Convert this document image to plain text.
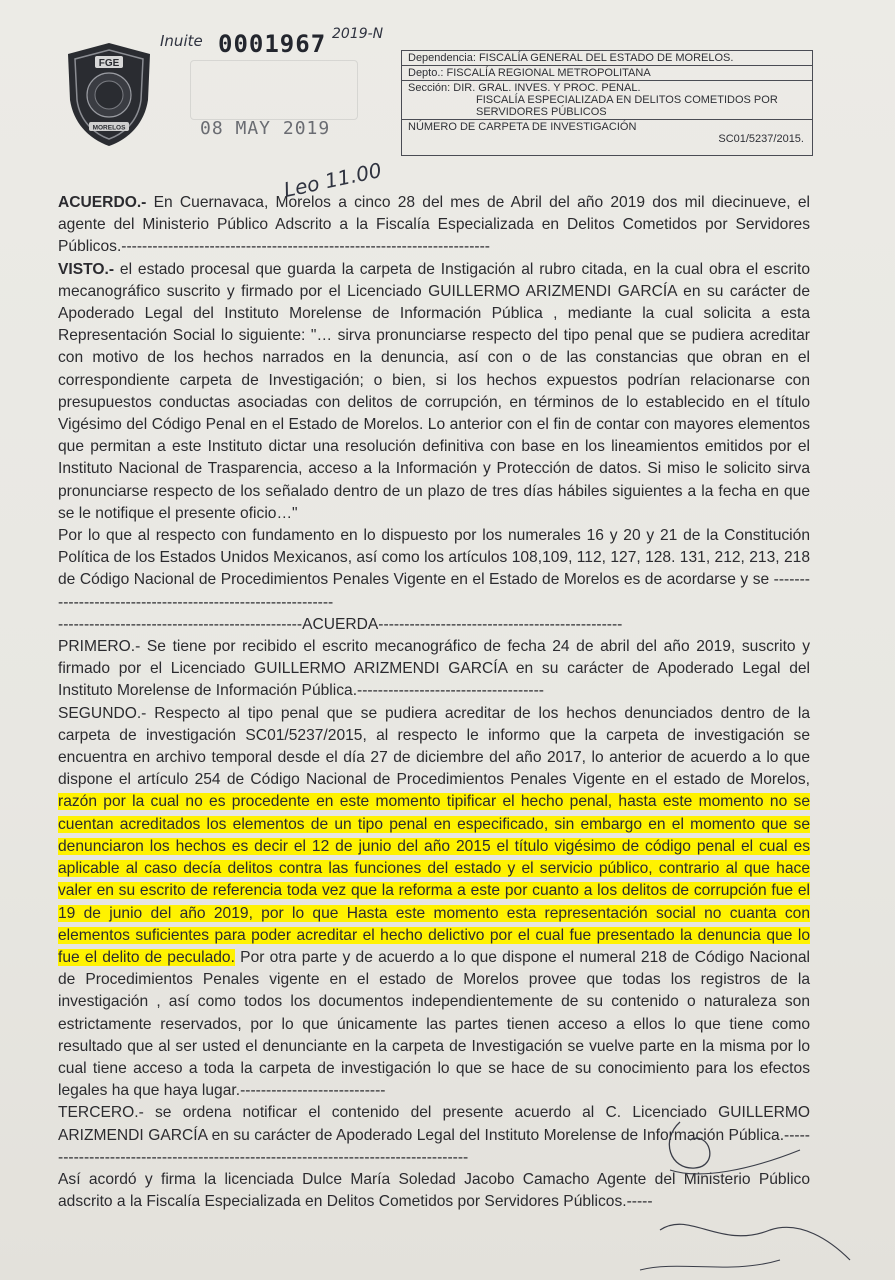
FGE
MORELOS
Inuite 0001967 2019-N
08 MAY 2019
Leo 11.00
Dependencia: FISCALÍA GENERAL DEL ESTADO DE MORELOS.
Depto.: FISCALÍA REGIONAL METROPOLITANA
Sección: DIR. GRAL. INVES. Y PROC. PENAL.
FISCALÍA ESPECIALIZADA EN DELITOS COMETIDOS POR
SERVIDORES PÚBLICOS
NÚMERO DE CARPETA DE INVESTIGACIÓN
SC01/5237/2015.

ACUERDO.- En Cuernavaca, Morelos a cinco 28 del mes de Abril del año 2019 dos mil diecinueve, el agente del Ministerio Público Adscrito a la Fiscalía Especializada en Delitos Cometidos por Servidores Públicos.-----------------------------------------------------------------------

VISTO.- el estado procesal que guarda la carpeta de Instigación al rubro citada, en la cual obra el escrito mecanográfico suscrito y firmado por el Licenciado GUILLERMO ARIZMENDI GARCÍA en su carácter de Apoderado Legal del Instituto Morelense de Información Pública , mediante la cual solicita a esta Representación Social lo siguiente: "… sirva pronunciarse respecto del tipo penal que se pudiera acreditar con motivo de los hechos narrados en la denuncia, así con o de las constancias que obran en el correspondiente carpeta de Investigación; o bien, si los hechos expuestos podrían relacionarse con presupuestos conductas asociadas con delitos de corrupción, en términos de lo establecido en el título Vigésimo del Código Penal en el Estado de Morelos. Lo anterior con el fin de contar con mayores elementos que permitan a este Instituto dictar una resolución definitiva con base en los lineamientos emitidos por el Instituto Nacional de Trasparencia, acceso a la Información y Protección de datos. Si miso le solicito sirva pronunciarse respecto de los señalado dentro de un plazo de tres días hábiles siguientes a la fecha en que se le notifique el presente oficio…"

Por lo que al respecto con fundamento en lo dispuesto por los numerales 16 y 20 y 21 de la Constitución Política de los Estados Unidos Mexicanos, así como los artículos 108,109, 112, 127, 128. 131, 212, 213, 218 de Código Nacional de Procedimientos Penales Vigente en el Estado de Morelos es de acordarse y se ------------------------------------------------------------

-----------------------------------------------ACUERDA-----------------------------------------------

PRIMERO.- Se tiene por recibido el escrito mecanográfico de fecha 24 de abril del año 2019, suscrito y firmado por el Licenciado GUILLERMO ARIZMENDI GARCÍA en su carácter de Apoderado Legal del Instituto Morelense de Información Pública.------------------------------------

SEGUNDO.- Respecto al tipo penal que se pudiera acreditar de los hechos denunciados dentro de la carpeta de investigación SC01/5237/2015, al respecto le informo que la carpeta de investigación se encuentra en archivo temporal desde el día 27 de diciembre del año 2017, lo anterior de acuerdo a lo que dispone el artículo 254 de Código Nacional de Procedimientos Penales Vigente en el estado de Morelos, razón por la cual no es procedente en este momento tipificar el hecho penal, hasta este momento no se cuentan acreditados los elementos de un tipo penal en especificado, sin embargo en el momento que se denunciaron los hechos es decir el 12 de junio del año 2015 el título vigésimo de código penal el cual es aplicable al caso decía delitos contra las funciones del estado y el servicio público, contrario al que hace valer en su escrito de referencia toda vez que la reforma a este por cuanto a los delitos de corrupción fue el 19 de junio del año 2019, por lo que Hasta este momento esta representación social no cuanta con elementos suficientes para poder acreditar el hecho delictivo por el cual fue presentado la denuncia que lo fue el delito de peculado. Por otra parte y de acuerdo a lo que dispone el numeral 218 de Código Nacional de Procedimientos Penales vigente en el estado de Morelos provee que todas los registros de la investigación , así como todos los documentos independientemente de su contenido o naturaleza son estrictamente reservados, por lo que únicamente las partes tienen acceso a ellos lo que tiene como resultado que al ser usted el denunciante en la carpeta de Investigación se vuelve parte en la misma por lo cual tiene acceso a toda la carpeta de investigación lo que se hace de su conocimiento para los efectos legales ha que haya lugar.----------------------------

TERCERO.- se ordena notificar el contenido del presente acuerdo al C. Licenciado GUILLERMO ARIZMENDI GARCÍA en su carácter de Apoderado Legal del Instituto Morelense de Información Pública.------------------------------------------------------------------------------------

Así acordó y firma la licenciada Dulce María Soledad Jacobo Camacho Agente del Ministerio Público adscrito a la Fiscalía Especializada en Delitos Cometidos por Servidores Públicos.-----
